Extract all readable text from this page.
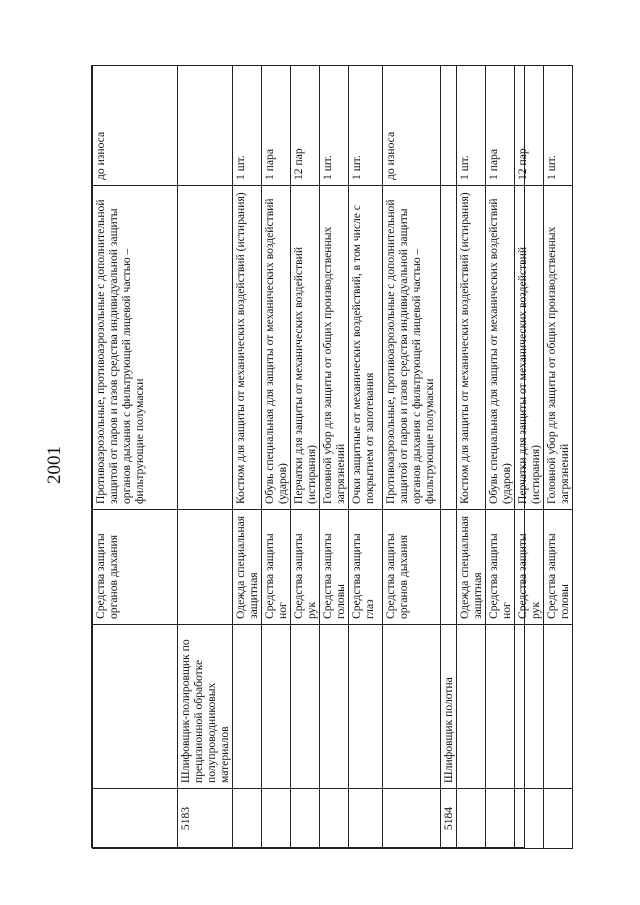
2001
		Средства защиты органов дыхания	Противоаэрозольные, противоаэрозольные с дополнительной защитой от паров и газов средства индивидуальной защиты органов дыхания с фильтрующей лицевой частью – фильтрующие полумаски	до износа
5183	Шлифовщик-полировщик по прецизионной обработке полупроводниковых материалов			
		Одежда специальная защитная	Костюм для защиты от механических воздействий (истирания)	1 шт.
		Средства защиты ног	Обувь специальная для защиты от механических воздействий (ударов)	1 пара
		Средства защиты рук	Перчатки для защиты от механических воздействий (истирания)	12 пар
		Средства защиты головы	Головной убор для защиты от общих производственных загрязнений	1 шт.
		Средства защиты глаз	Очки защитные от механических воздействий, в том числе с покрытием от запотевания	1 шт.
		Средства защиты органов дыхания	Противоаэрозольные, противоаэрозольные с дополнительной защитой от паров и газов средства индивидуальной защиты органов дыхания с фильтрующей лицевой частью – фильтрующие полумаски	до износа
5184	Шлифовщик полотна			
		Одежда специальная защитная	Костюм для защиты от механических воздействий (истирания)	1 шт.
		Средства защиты ног	Обувь специальная для защиты от механических воздействий (ударов)	1 пара
		Средства защиты рук	Перчатки для защиты от механических воздействий (истирания)	12 пар
		Средства защиты головы	Головной убор для защиты от общих производственных загрязнений	1 шт.
